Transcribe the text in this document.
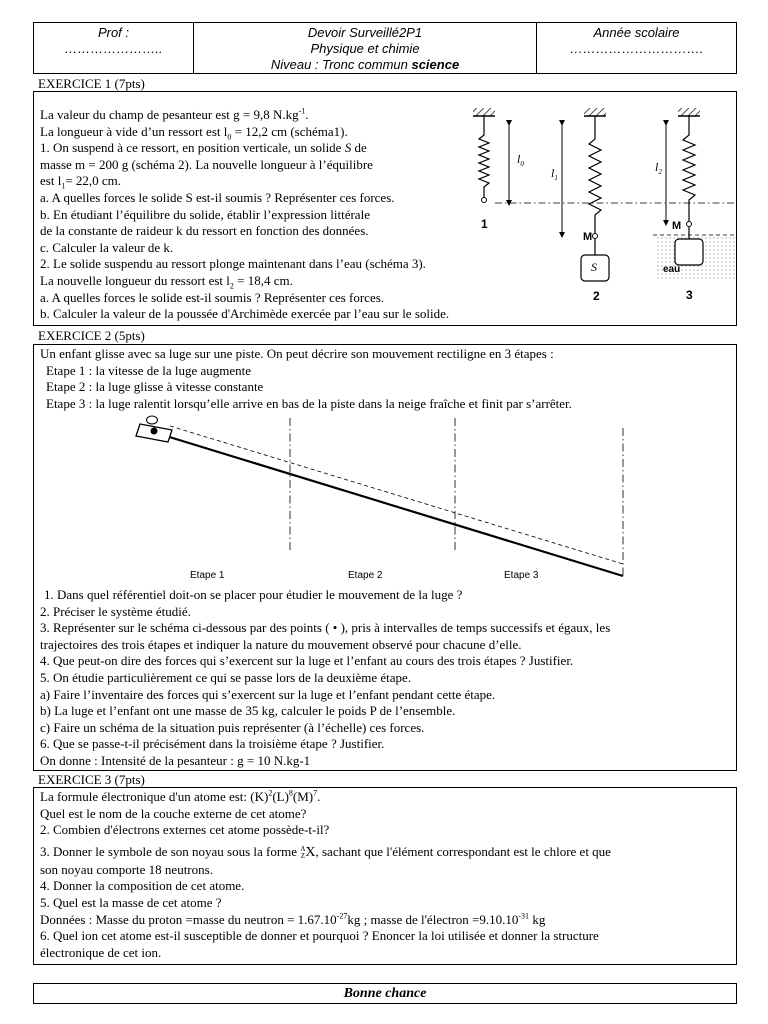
Prof :
…………………..
Devoir Surveillé2P1
Physique et chimie
Niveau : Tronc commun science
Année scolaire
………………………….
EXERCICE 1 (7pts)
La valeur du champ de pesanteur est g = 9,8 $N.kg^{-1}$.
La longueur à vide d’un ressort est $l_0 = 12,2$ cm (schéma1).
1. On suspend à ce ressort, en position verticale, un solide S de
masse m = 200 g (schéma 2). La nouvelle longueur à l’équilibre
est $l_1= 22,0$ cm.
a. A quelles forces le solide S est-il soumis ? Représenter ces forces.
b. En étudiant l’équilibre du solide, établir l’expression littérale
de la constante de raideur k du ressort en fonction des données.
c. Calculer la valeur de k.
2. Le solide suspendu au ressort plonge maintenant dans l’eau (schéma 3).
La nouvelle longueur du ressort est $l_2 = 18,4$ cm.
a. A quelles forces le solide est-il soumis ? Représenter ces forces.
b. Calculer la valeur de la poussée d'Archimède exercée par l’eau sur le solide.
$l_0$
1
$l_1$
M
S
2
$l_2$
M
eau
3
EXERCICE 2 (5pts)
Un enfant glisse avec sa luge sur une piste. On peut décrire son mouvement rectiligne en 3 étapes :
Etape 1 : la vitesse de la luge augmente
Etape 2 : la luge glisse à vitesse constante
Etape 3 : la luge ralentit lorsqu’elle arrive en bas de la piste dans la neige fraîche et finit par s’arrêter.
Etape 1	Etape 2	Etape 3
1. Dans quel référentiel doit-on se placer pour étudier le mouvement de la luge ?
2. Préciser le système étudié.
3. Représenter sur le schéma ci-dessous par des points ( • ), pris à intervalles de temps successifs et égaux, les
trajectoires des trois étapes et indiquer la nature du mouvement observé pour chacune d’elle.
4. Que peut-on dire des forces qui s’exercent sur la luge et l’enfant au cours des trois étapes ? Justifier.
5. On étudie particulièrement ce qui se passe lors de la deuxième étape.
a) Faire l’inventaire des forces qui s’exercent sur la luge et l’enfant pendant cette étape.
b) La luge et l’enfant ont une masse de 35 kg, calculer le poids P de l’ensemble.
c) Faire un schéma de la situation puis représenter (à l’échelle) ces forces.
6. Que se passe-t-il précisément dans la troisième étape ? Justifier.
On donne : Intensité de la pesanteur : g = 10 N.kg-1
EXERCICE 3 (7pts)
La formule électronique d'un atome est: $(K)^2(L)^8(M)^7$.
Quel est le nom de la couche externe de cet atome?
2. Combien d'électrons externes cet atome possède-t-il?
3. Donner le symbole de son noyau sous la forme A
Z X, sachant que l'élément correspondant est le chlore et que
son noyau comporte 18 neutrons.
4. Donner la composition de cet atome.
5. Quel est la masse de cet atome ?
Données : Masse du proton =masse du neutron = $1.67.10^{-27}kg$ ; masse de l'électron $=9.10.10^{-31}$ kg
6. Quel ion cet atome est-il susceptible de donner et pourquoi ? Enoncer la loi utilisée et donner la structure
électronique de cet ion.
Bonne chance
